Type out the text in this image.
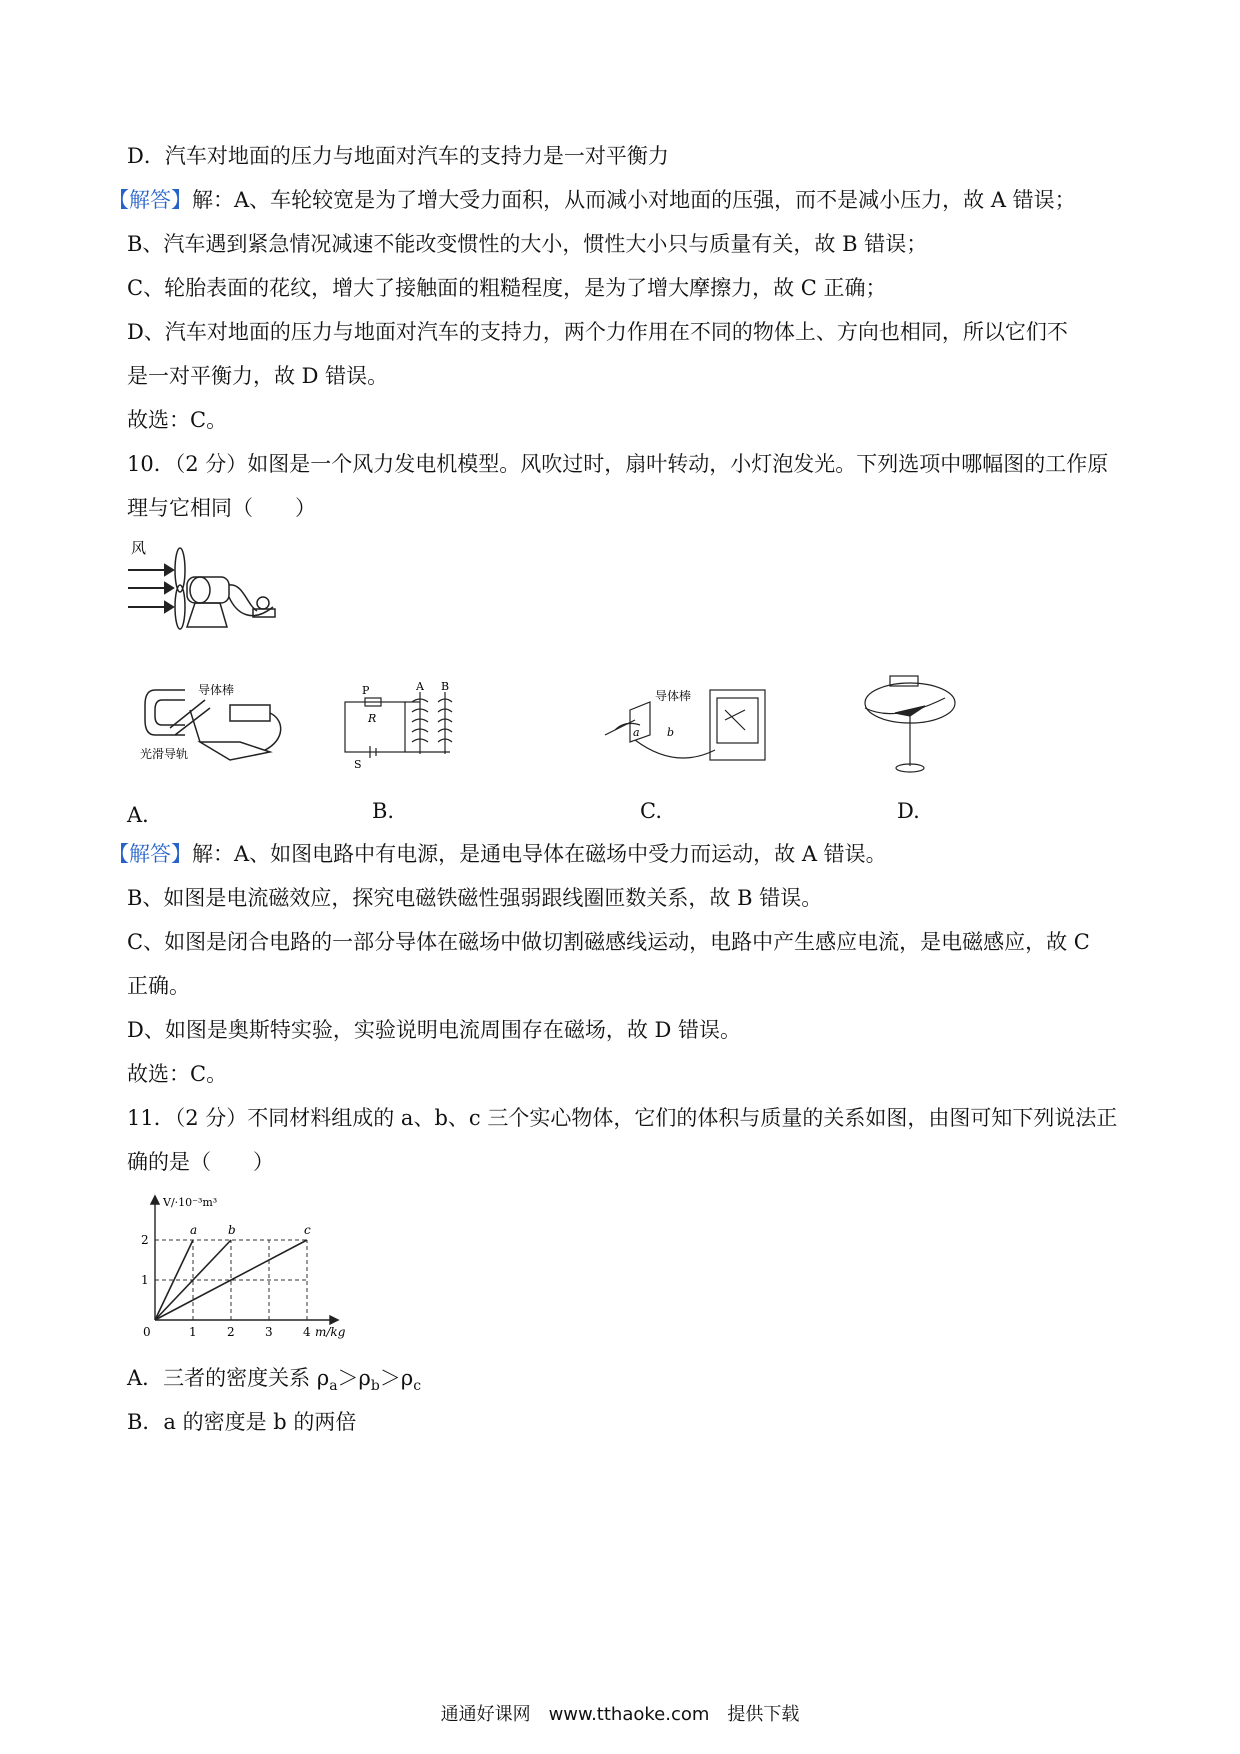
D．汽车对地面的压力与地面对汽车的支持力是一对平衡力
【解答】解：A、车轮较宽是为了增大受力面积，从而减小对地面的压强，而不是减小压力，故 A 错误；
B、汽车遇到紧急情况减速不能改变惯性的大小，惯性大小只与质量有关，故 B 错误；
C、轮胎表面的花纹，增大了接触面的粗糙程度，是为了增大摩擦力，故 C 正确；
D、汽车对地面的压力与地面对汽车的支持力，两个力作用在不同的物体上、方向也相同，所以它们不
是一对平衡力，故 D 错误。
故选：C。
10．（2 分）如图是一个风力发电机模型。风吹过时，扇叶转动，小灯泡发光。下列选项中哪幅图的工作原
理与它相同（　　）
风
导体棒
光滑导轨
P
R
A B
S
导体棒
a b
A．	B.	C.	D.
【解答】解：A、如图电路中有电源，是通电导体在磁场中受力而运动，故 A 错误。
B、如图是电流磁效应，探究电磁铁磁性强弱跟线圈匝数关系，故 B 错误。
C、如图是闭合电路的一部分导体在磁场中做切割磁感线运动，电路中产生感应电流，是电磁感应，故 C
正确。
D、如图是奥斯特实验，实验说明电流周围存在磁场，故 D 错误。
故选：C。
11．（2 分）不同材料组成的 a、b、c 三个实心物体，它们的体积与质量的关系如图，由图可知下列说法正
确的是（　　）
V/·10⁻³m³
m/kg
1
2
0	1	2	3	4
a	b	c
A．三者的密度关系 $\rho_a>\rho_b>\rho_c$
B．a 的密度是 b 的两倍
通通好课网　www.tthaoke.com　提供下载
